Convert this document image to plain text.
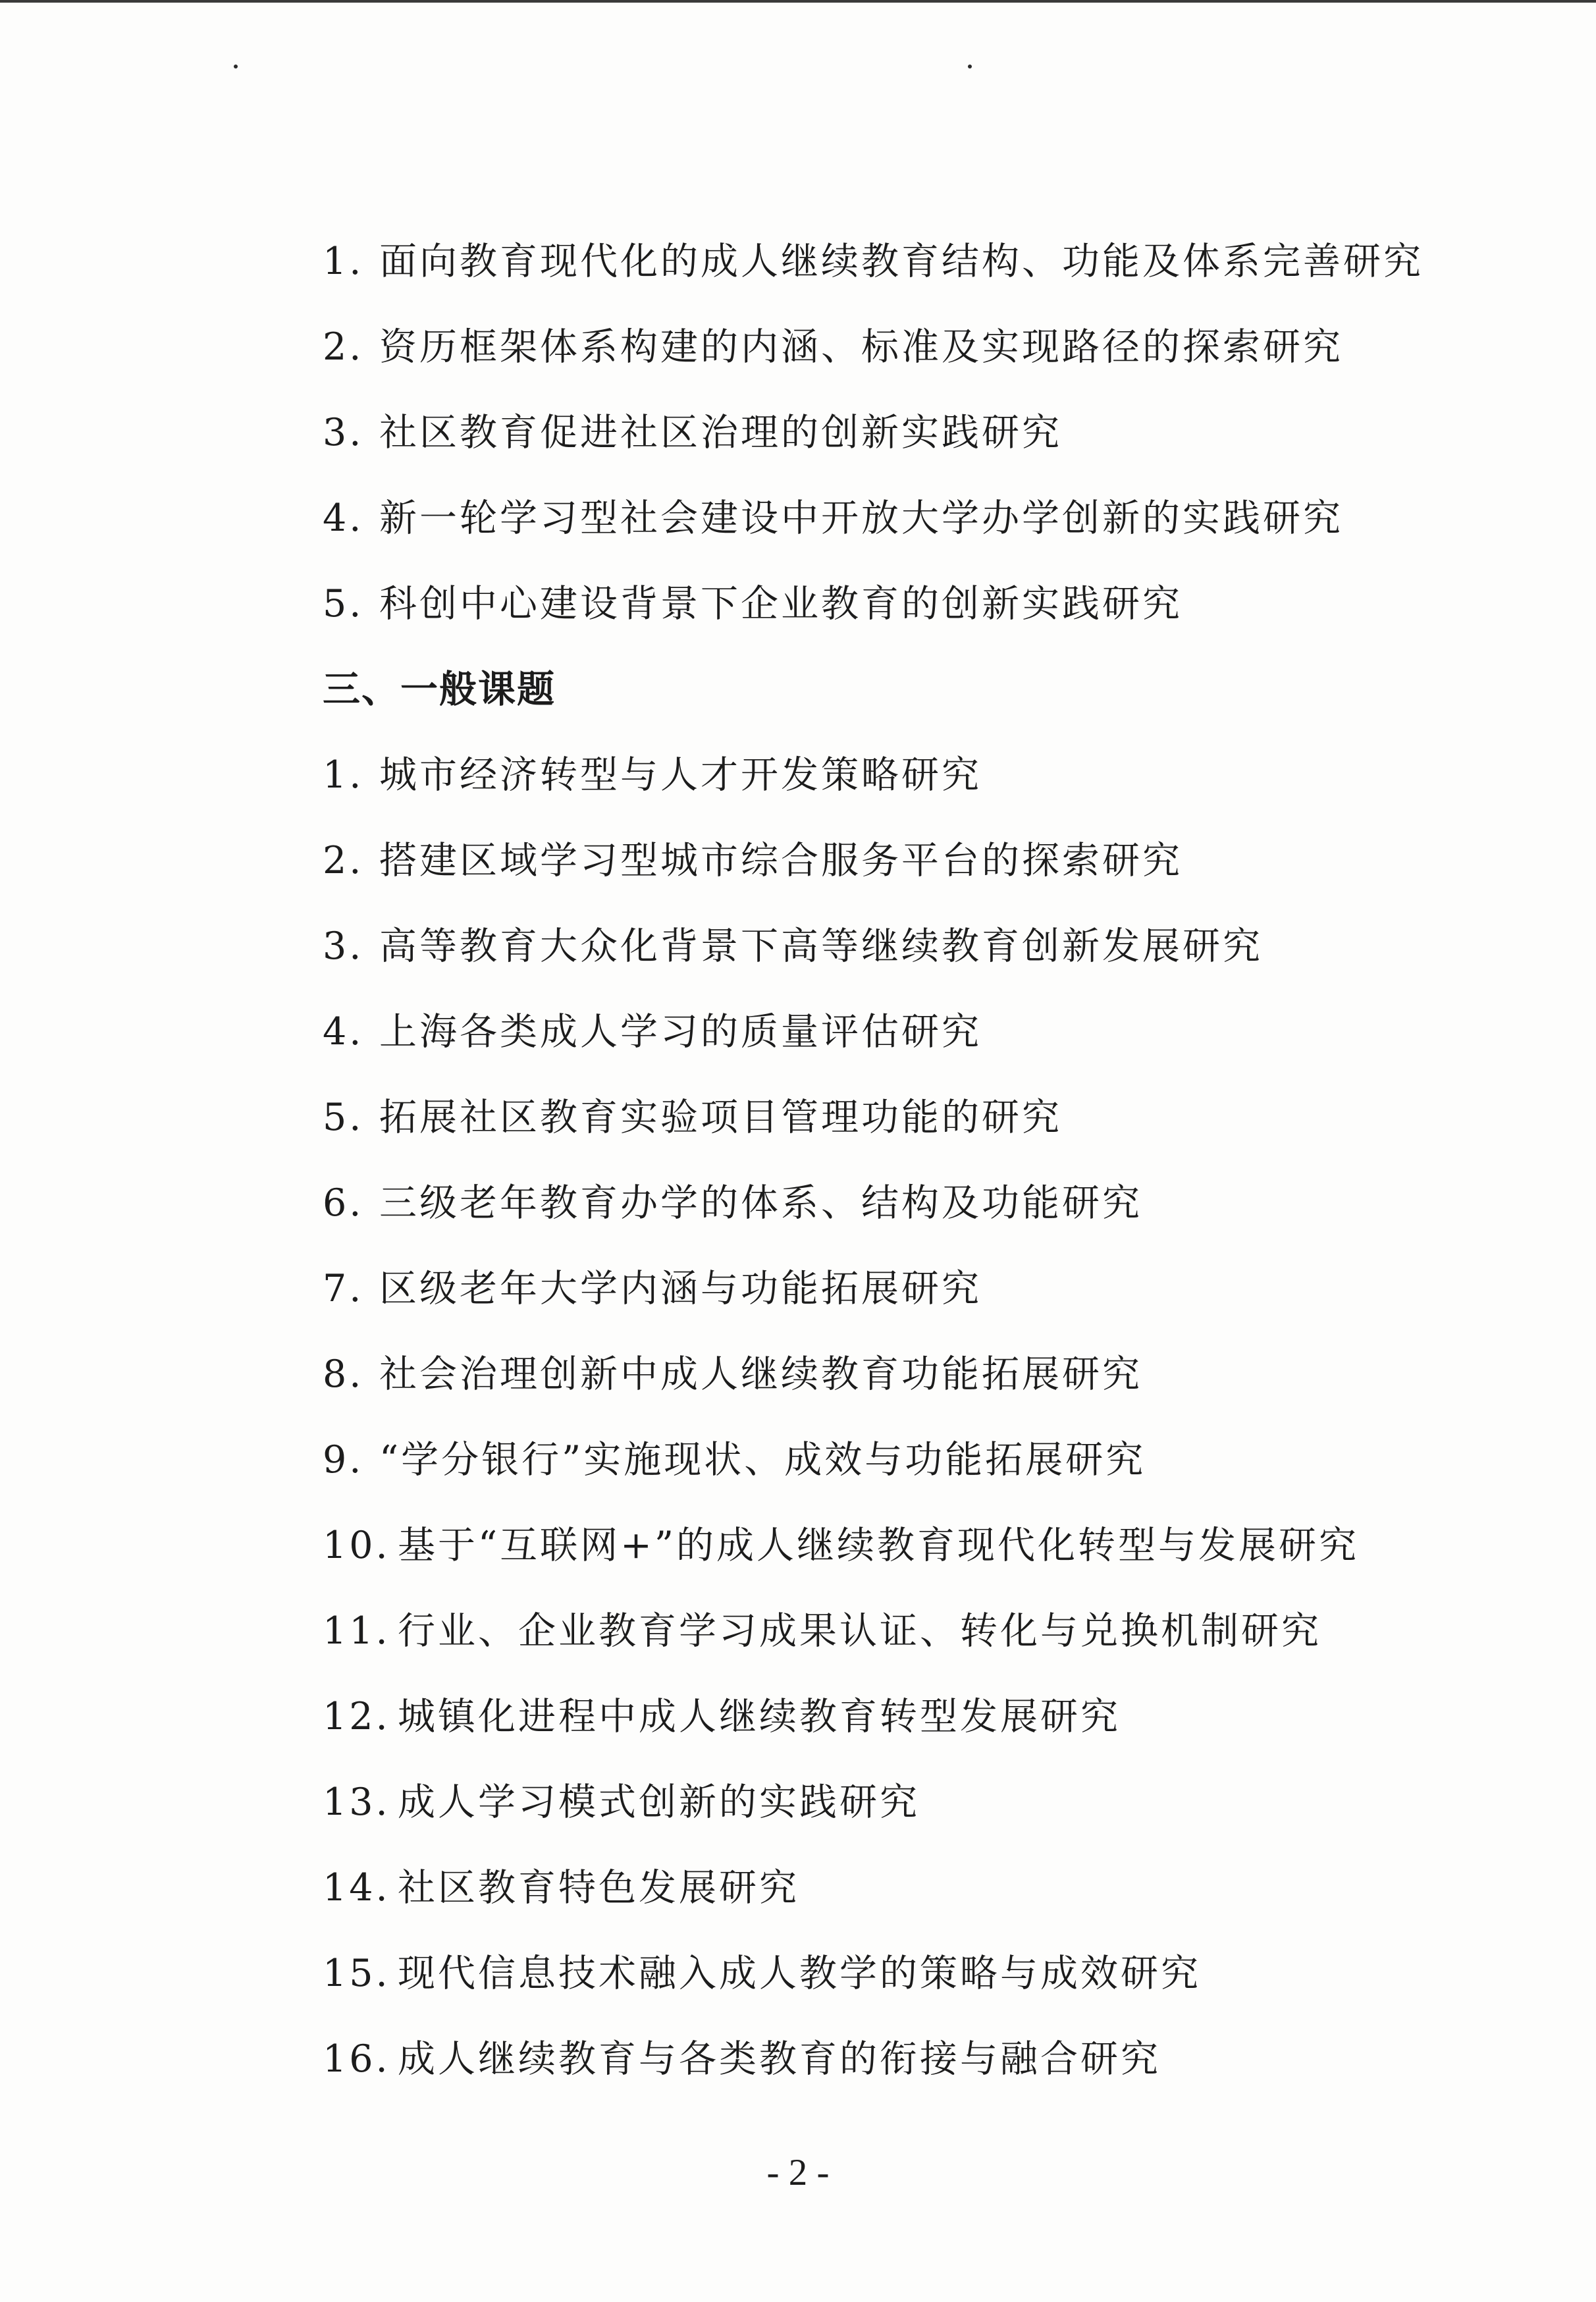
1. 面向教育现代化的成人继续教育结构、功能及体系完善研究
2. 资历框架体系构建的内涵、标准及实现路径的探索研究
3. 社区教育促进社区治理的创新实践研究
4. 新一轮学习型社会建设中开放大学办学创新的实践研究
5. 科创中心建设背景下企业教育的创新实践研究
三、一般课题
1. 城市经济转型与人才开发策略研究
2. 搭建区域学习型城市综合服务平台的探索研究
3. 高等教育大众化背景下高等继续教育创新发展研究
4. 上海各类成人学习的质量评估研究
5. 拓展社区教育实验项目管理功能的研究
6. 三级老年教育办学的体系、结构及功能研究
7. 区级老年大学内涵与功能拓展研究
8. 社会治理创新中成人继续教育功能拓展研究
9. “学分银行”实施现状、成效与功能拓展研究
10. 基于“互联网+”的成人继续教育现代化转型与发展研究
11. 行业、企业教育学习成果认证、转化与兑换机制研究
12. 城镇化进程中成人继续教育转型发展研究
13. 成人学习模式创新的实践研究
14. 社区教育特色发展研究
15. 现代信息技术融入成人教学的策略与成效研究
16. 成人继续教育与各类教育的衔接与融合研究
- 2 -
